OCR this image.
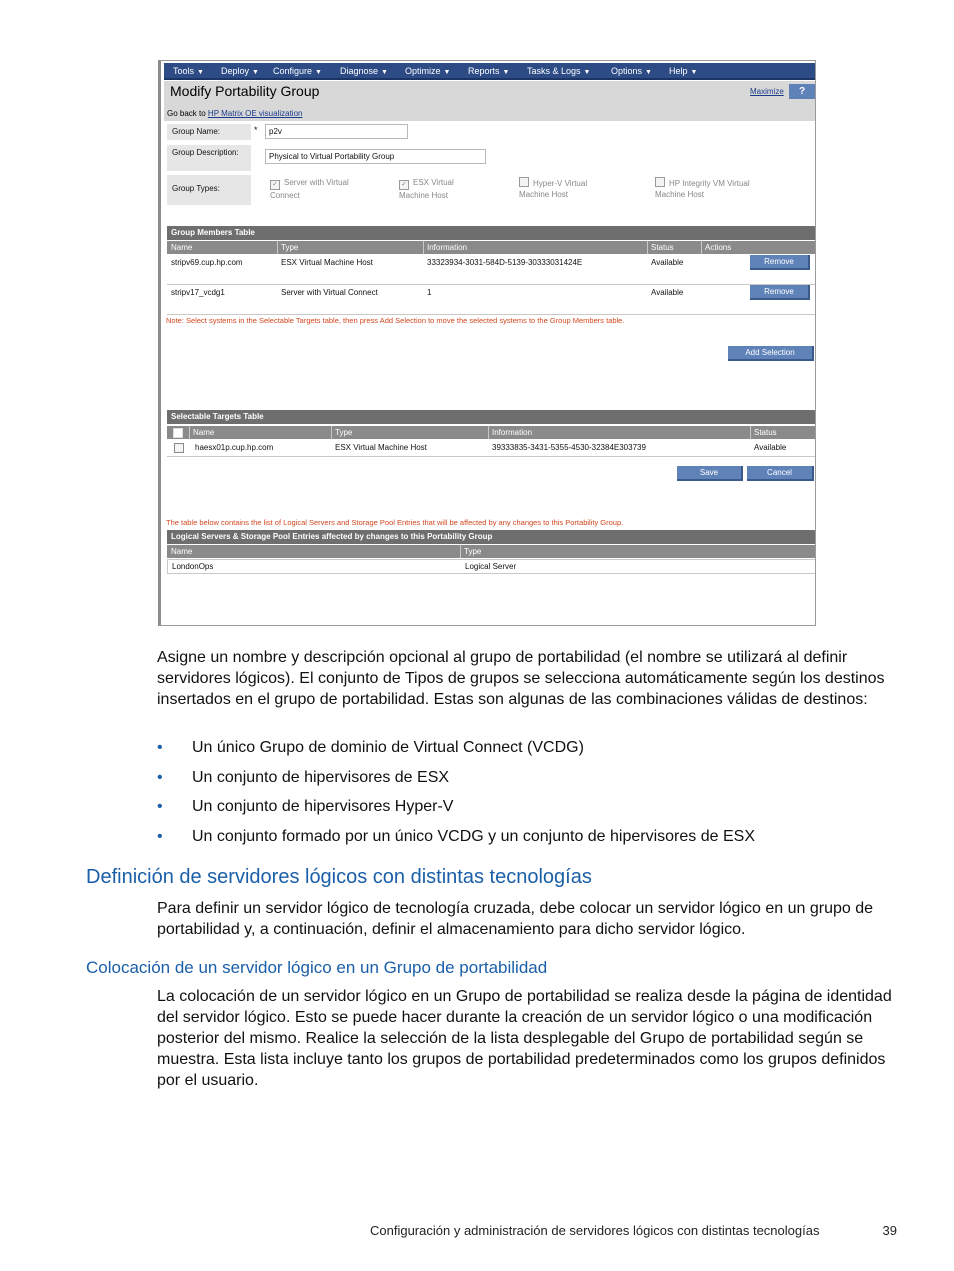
Tools ▼ Deploy ▼ Configure ▼ Diagnose ▼ Optimize ▼ Reports ▼ Tasks & Logs ▼ Options ▼ Help ▼
Modify Portability Group	Maximize	?
Go back to HP Matrix OE visualization
Group Name:	*	p2v
Group Description:	Physical to Virtual Portability Group
Group Types:	✓ Server with Virtual
Connect
✓ ESX Virtual
Machine Host
Hyper-V Virtual
Machine Host
HP Integrity VM Virtual
Machine Host
Group Members Table
Name	Type	Information	Status	Actions
stripv69.cup.hp.com	ESX Virtual Machine Host	33323934-3031-584D-5139-30333031424E	Available	Remove
stripv17_vcdg1	Server with Virtual Connect	1	Available	Remove
Note: Select systems in the Selectable Targets table, then press Add Selection to move the selected systems to the Group Members table.
Add Selection
Selectable Targets Table
Name	Type	Information	Status
haesx01p.cup.hp.com	ESX Virtual Machine Host	39333835-3431-5355-4530-32384E303739	Available
Save	Cancel
The table below contains the list of Logical Servers and Storage Pool Entries that will be affected by any changes to this Portability Group.
Logical Servers & Storage Pool Entries affected by changes to this Portability Group
Name	Type
LondonOps	Logical Server

Asigne un nombre y descripción opcional al grupo de portabilidad (el nombre se utilizará al definir servidores lógicos). El conjunto de Tipos de grupos se selecciona automáticamente según los destinos insertados en el grupo de portabilidad. Estas son algunas de las combinaciones válidas de destinos:

• Un único Grupo de dominio de Virtual Connect (VCDG)
• Un conjunto de hipervisores de ESX
• Un conjunto de hipervisores Hyper-V
• Un conjunto formado por un único VCDG y un conjunto de hipervisores de ESX
Definición de servidores lógicos con distintas tecnologías

Para definir un servidor lógico de tecnología cruzada, debe colocar un servidor lógico en un grupo de portabilidad y, a continuación, definir el almacenamiento para dicho servidor lógico.

Colocación de un servidor lógico en un Grupo de portabilidad

La colocación de un servidor lógico en un Grupo de portabilidad se realiza desde la página de identidad del servidor lógico. Esto se puede hacer durante la creación de un servidor lógico o una modificación posterior del mismo. Realice la selección de la lista desplegable del Grupo de portabilidad según se muestra. Esta lista incluye tanto los grupos de portabilidad predeterminados como los grupos definidos por el usuario.

Configuración y administración de servidores lógicos con distintas tecnologías	39
